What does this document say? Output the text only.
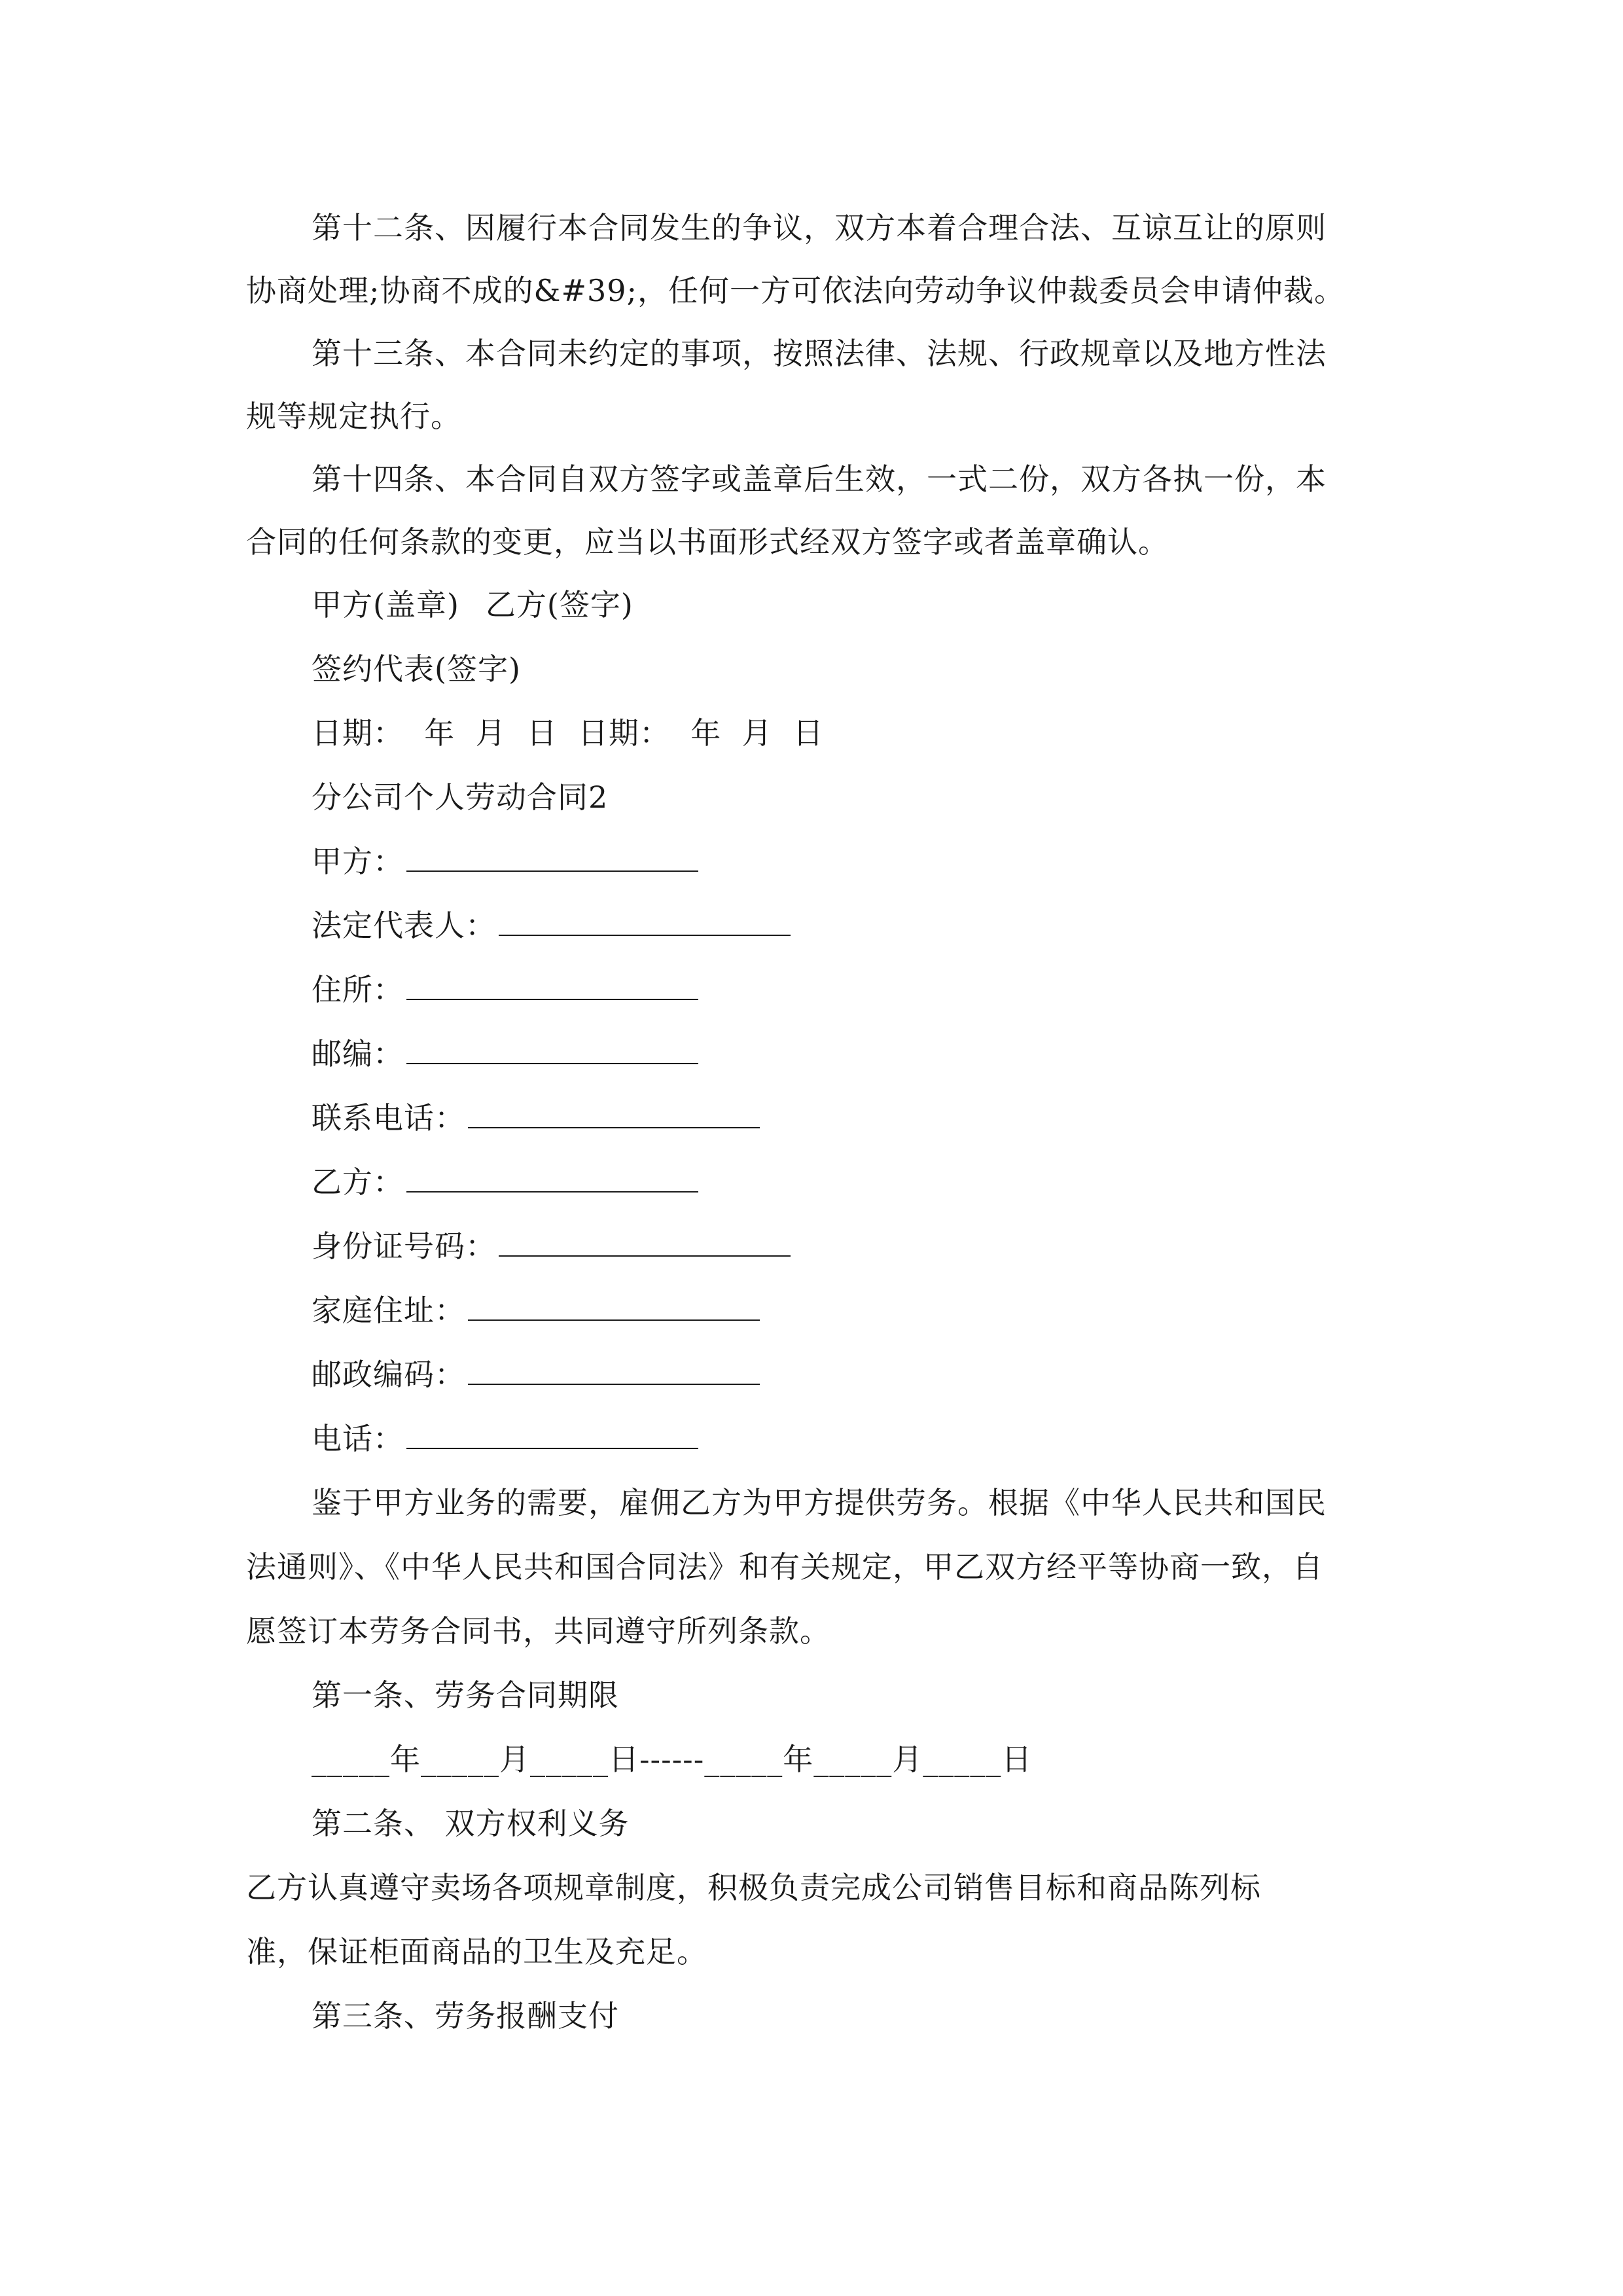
第十二条、因履行本合同发生的争议，双方本着合理合法、互谅互让的原则
协商处理;协商不成的&#39;，任何一方可依法向劳动争议仲裁委员会申请仲裁。
第十三条、本合同未约定的事项，按照法律、法规、行政规章以及地方性法
规等规定执行。
第十四条、本合同自双方签字或盖章后生效，一式二份，双方各执一份，本
合同的任何条款的变更，应当以书面形式经双方签字或者盖章确认。
甲方(盖章) 乙方(签字)
签约代表(签字)
日期：  年  月  日  日期：  年  月  日
分公司个人劳动合同2
甲方：
法定代表人：
住所：
邮编：
联系电话：
乙方：
身份证号码：
家庭住址：
邮政编码：
电话：
鉴于甲方业务的需要，雇佣乙方为甲方提供劳务。根据《中华人民共和国民
法通则》、《中华人民共和国合同法》和有关规定，甲乙双方经平等协商一致，自
愿签订本劳务合同书，共同遵守所列条款。
第一条、劳务合同期限
_____年_____月_____日------_____年_____月_____日
第二条、 双方权利义务
乙方认真遵守卖场各项规章制度，积极负责完成公司销售目标和商品陈列标
准，保证柜面商品的卫生及充足。
第三条、劳务报酬支付
